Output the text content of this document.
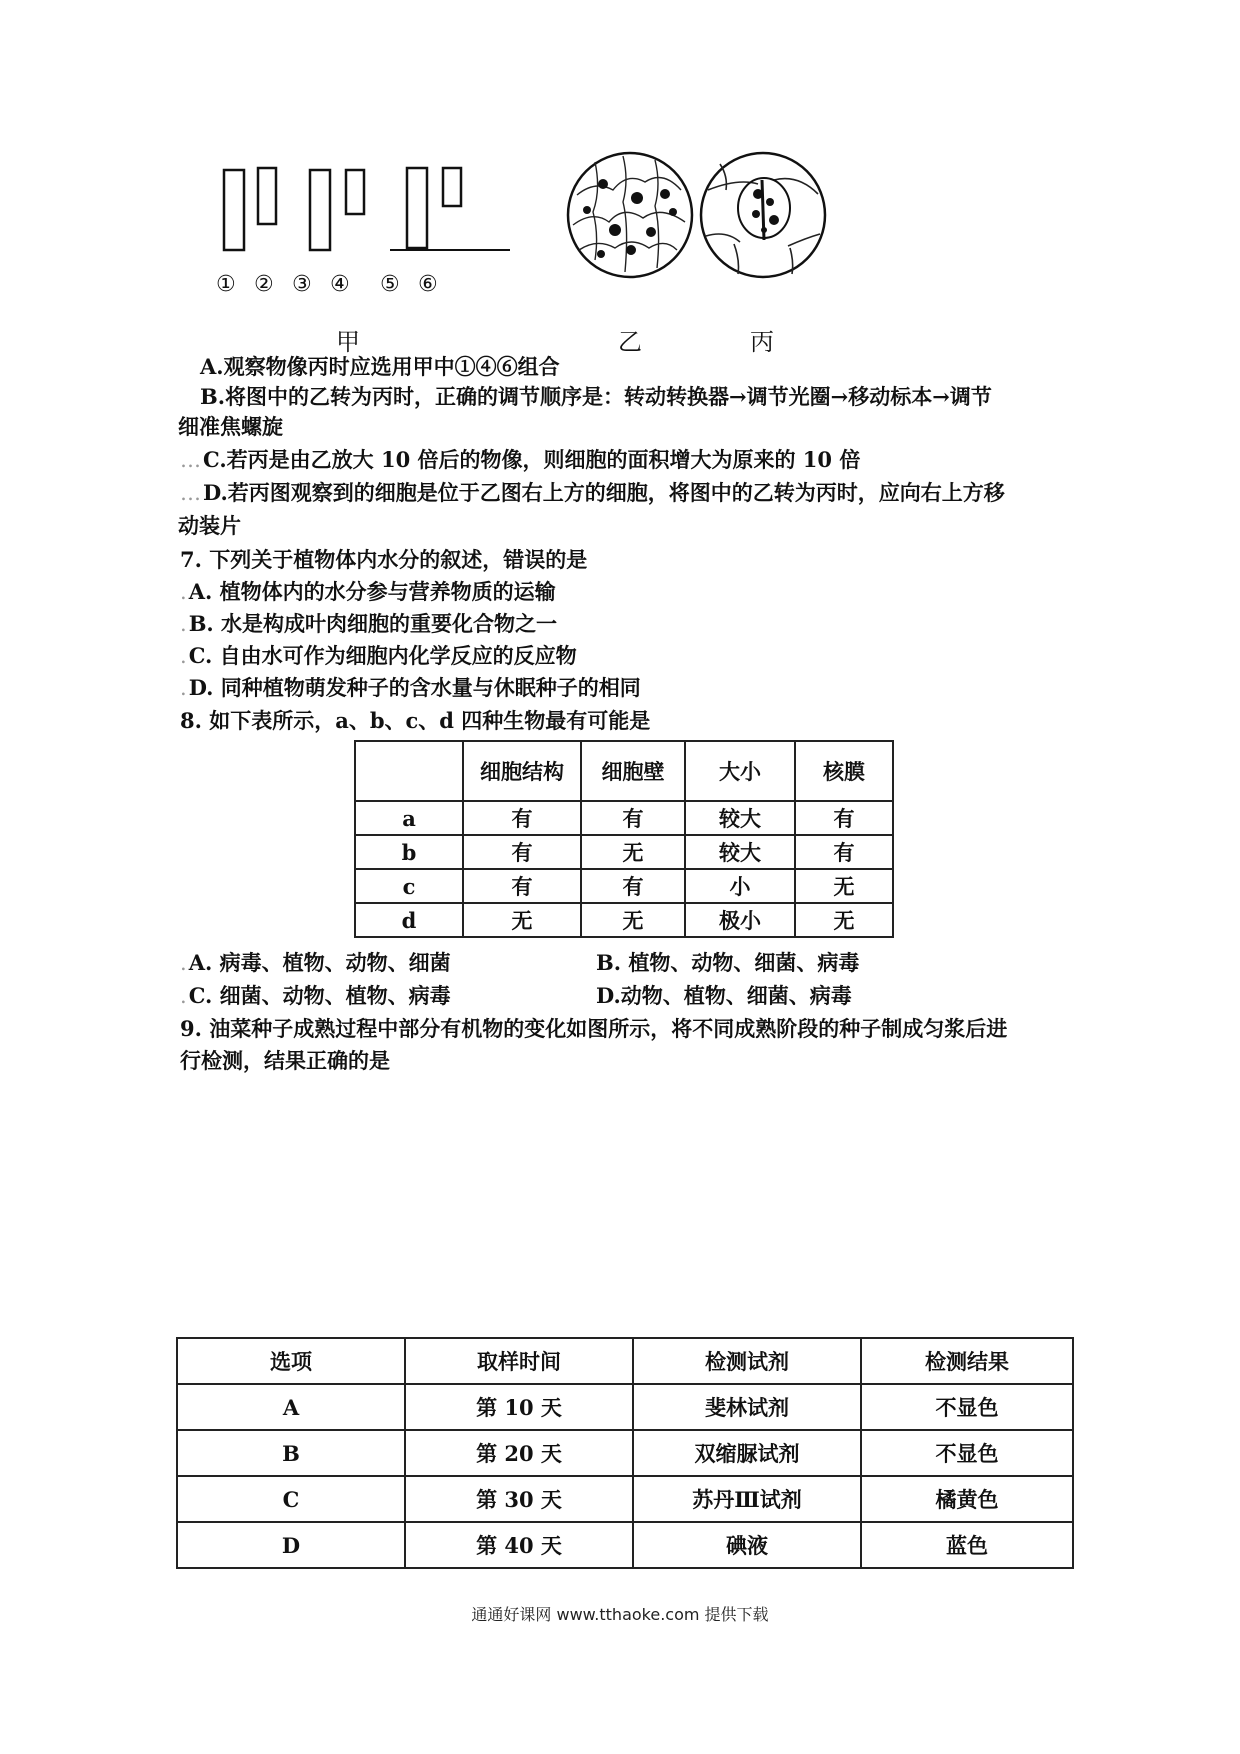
① ② ③ ④ ⑤ ⑥
甲	乙	丙
A.观察物像丙时应选用甲中①④⑥组合
B.将图中的乙转为丙时，正确的调节顺序是：转动转换器→调节光圈→移动标本→调节
细准焦螺旋
…C.若丙是由乙放大 10 倍后的物像，则细胞的面积增大为原来的 10 倍
…D.若丙图观察到的细胞是位于乙图右上方的细胞，将图中的乙转为丙时，应向右上方移
动装片
7. 下列关于植物体内水分的叙述，错误的是
.A. 植物体内的水分参与营养物质的运输
.B. 水是构成叶肉细胞的重要化合物之一
.C. 自由水可作为细胞内化学反应的反应物
.D. 同种植物萌发种子的含水量与休眠种子的相同
8. 如下表所示，a、b、c、d 四种生物最有可能是
	细胞结构	细胞壁	大小	核膜
a	有	有	较大	有
b	有	无	较大	有
c	有	有	小	无
d	无	无	极小	无
.A. 病毒、植物、动物、细菌	B. 植物、动物、细菌、病毒
.C. 细菌、动物、植物、病毒	D.动物、植物、细菌、病毒
9. 油菜种子成熟过程中部分有机物的变化如图所示，将不同成熟阶段的种子制成匀浆后进
行检测，结果正确的是
选项	取样时间	检测试剂	检测结果
A	第 10 天	斐林试剂	不显色
B	第 20 天	双缩脲试剂	不显色
C	第 30 天	苏丹Ⅲ试剂	橘黄色
D	第 40 天	碘液	蓝色
通通好课网 www.tthaoke.com 提供下载
